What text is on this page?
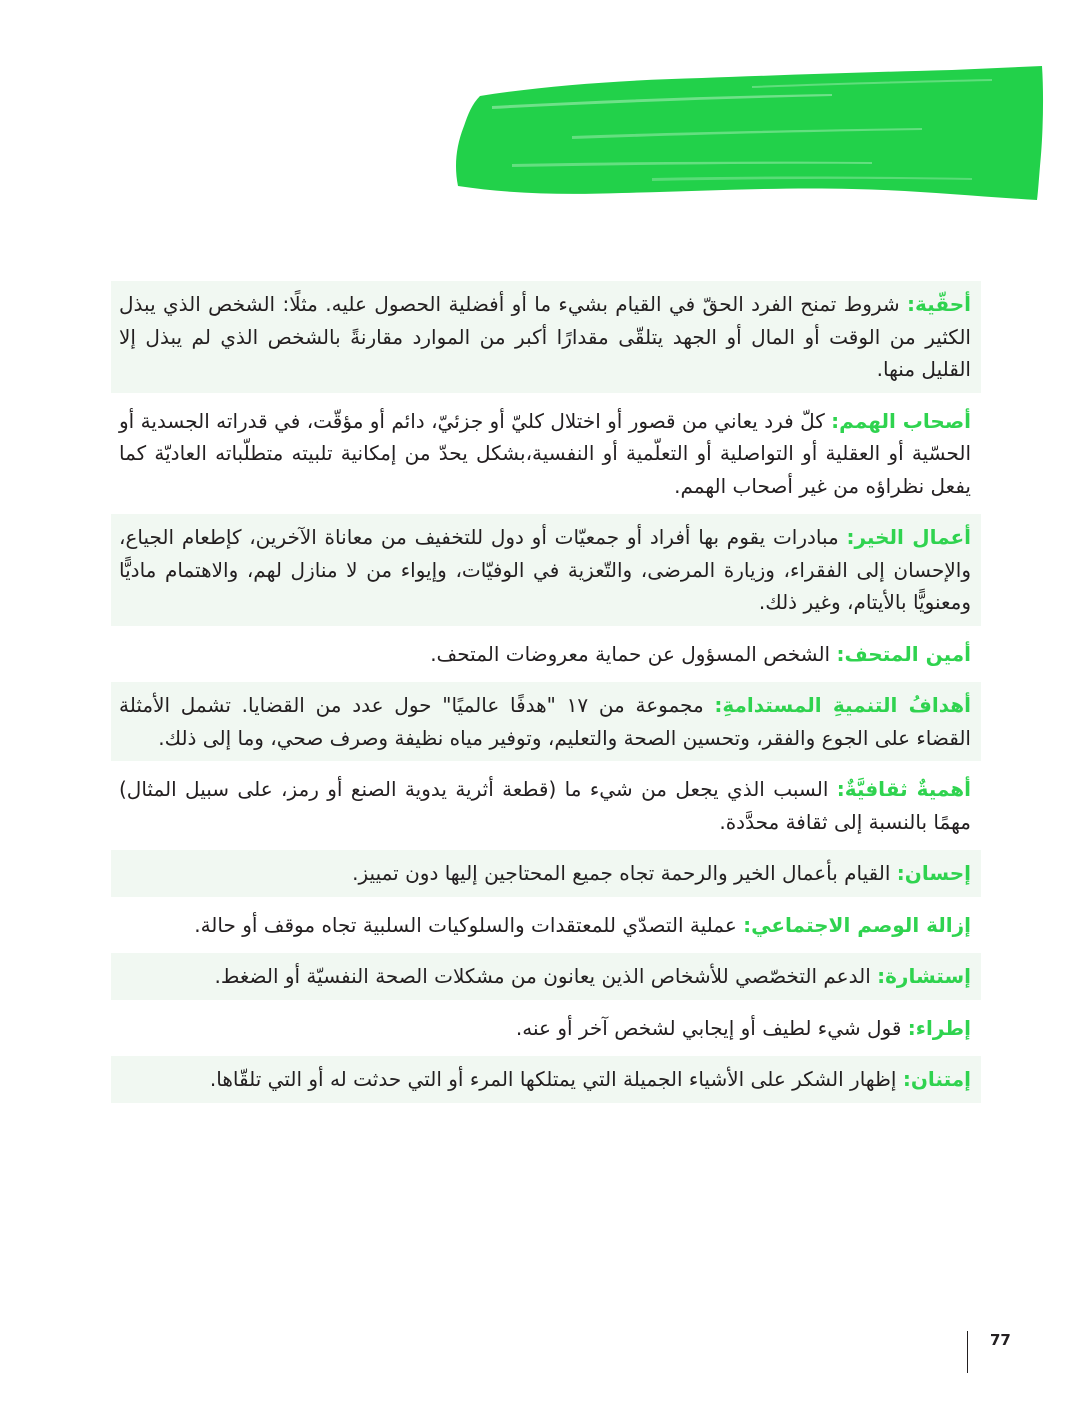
أحقّية: شروط تمنح الفرد الحقّ في القيام بشيء ما أو أفضلية الحصول عليه. مثلًا: الشخص الذي يبذل الكثير من الوقت أو المال أو الجهد يتلقّى مقدارًا أكبر من الموارد مقارنةً بالشخص الذي لم يبذل إلا القليل منها.
أصحاب الهمم: كلّ فرد يعاني من قصور أو اختلال كليّ أو جزئيّ، دائم أو مؤقّت، في قدراته الجسدية أو الحسّية أو العقلية أو التواصلية أو التعلّمية أو النفسية،بشكل يحدّ من إمكانية تلبيته متطلّباته العاديّة كما يفعل نظراؤه من غير أصحاب الهمم.
أعمال الخير: مبادرات يقوم بها أفراد أو جمعيّات أو دول للتخفيف من معاناة الآخرين، كإطعام الجياع، والإحسان إلى الفقراء، وزيارة المرضى، والتّعزية في الوفيّات، وإيواء من لا منازل لهم، والاهتمام ماديًّا ومعنويًّا بالأيتام، وغير ذلك.
أمين المتحف: الشخص المسؤول عن حماية معروضات المتحف.
أهدافُ التنميةِ المستدامةِ: مجموعة من ١٧ "هدفًا عالميًا" حول عدد من القضايا. تشمل الأمثلة القضاء على الجوع والفقر، وتحسين الصحة والتعليم، وتوفير مياه نظيفة وصرف صحي، وما إلى ذلك.
أهميةٌ ثقافيَّةٌ: السبب الذي يجعل من شيء ما (قطعة أثرية يدوية الصنع أو رمز، على سبيل المثال) مهمًا بالنسبة إلى ثقافة محدَّدة.
إحسان: القيام بأعمال الخير والرحمة تجاه جميع المحتاجين إليها دون تمييز.
إزالة الوصم الاجتماعي: عملية التصدّي للمعتقدات والسلوكيات السلبية تجاه موقف أو حالة.
إستشارة: الدعم التخصّصي للأشخاص الذين يعانون من مشكلات الصحة النفسيّة أو الضغط.
إطراء: قول شيء لطيف أو إيجابي لشخص آخر أو عنه.
إمتنان: إظهار الشكر على الأشياء الجميلة التي يمتلكها المرء أو التي حدثت له أو التي تلقّاها.
77
